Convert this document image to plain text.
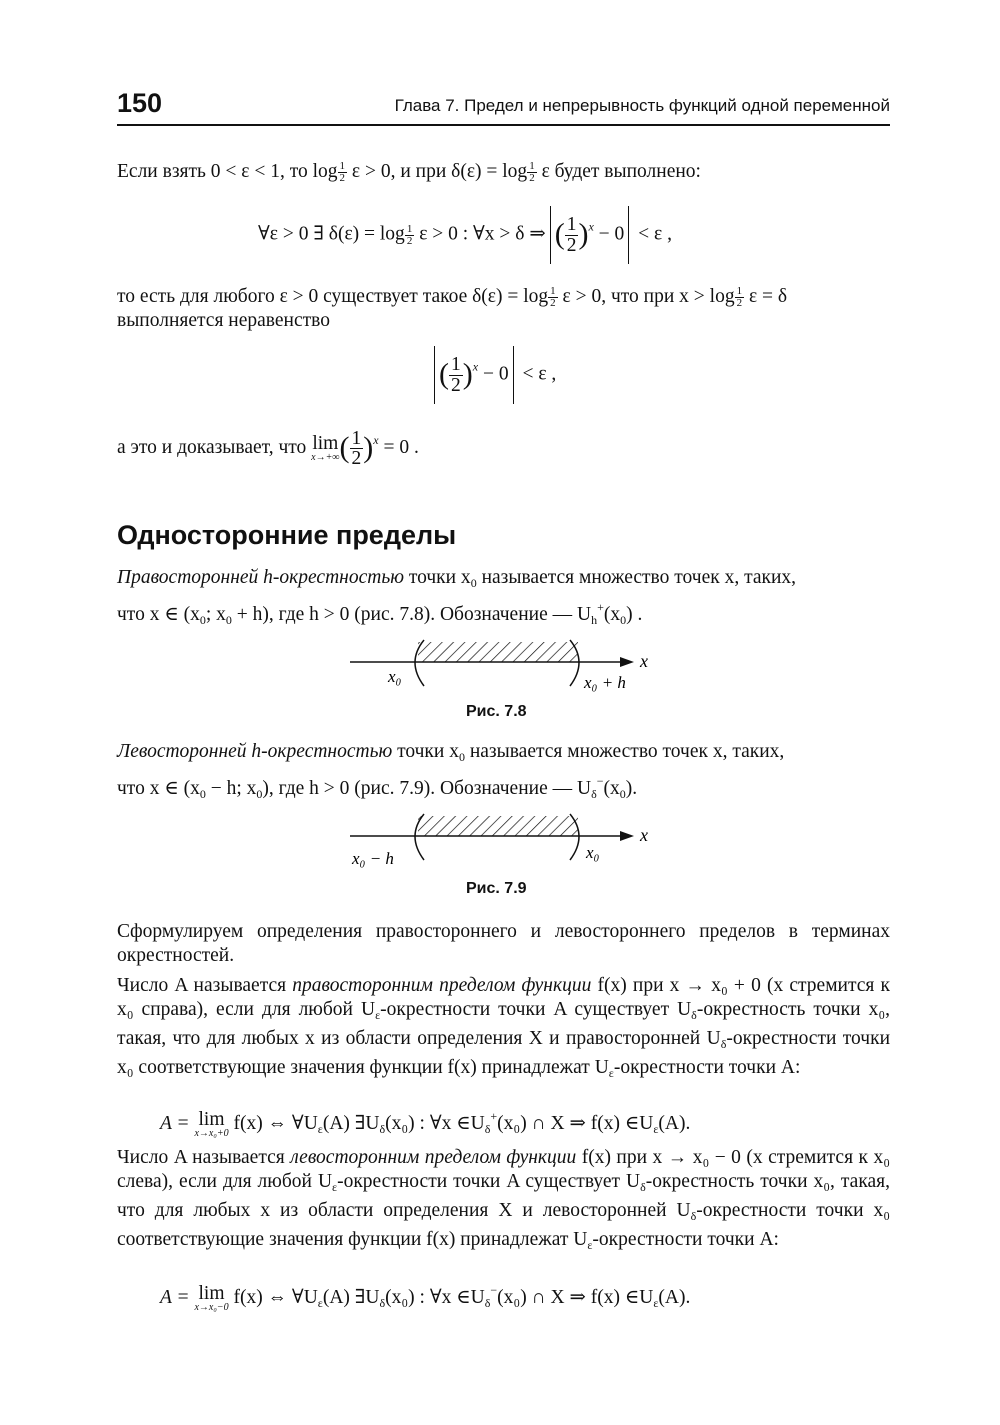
150	Глава 7. Предел и непрерывность функций одной переменной
Если взять 0 < ε < 1, то $\log \frac{1}{2}$ ε > 0, и при $\delta(\varepsilon) = \log \frac{1}{2}$ ε будет выполнено:
∀ε > 0 ∃ $\delta(\varepsilon) = \log \frac{1}{2}$ ε > 0 : ∀x > δ ⇒ ( $\frac{1}{2} )^x - 0 < \varepsilon$ ,
то есть для любого ε > 0 существует такое $\delta(\varepsilon) = \log \frac{1}{2}$ ε > 0, что при $x > \log \frac{1}{2}$ ε = δ
выполняется неравенство
( $\frac{1}{2} )^x - 0 < \varepsilon$ ,
а это и доказывает, что lim
x→+∞ ( $\frac{1}{2} )^x = 0$ .
Односторонние пределы
Правосторонней h-окрестностью точки $x_0$ называется множество точек x, таких,
что x ∈ ($x_0$; $x_0 + h$), где h > 0 (рис. 7.8). Обозначение — $U_h^+(x_0)$ .
x
x₀	x₀ + h
Рис. 7.8
Левосторонней h-окрестностью точки $x_0$ называется множество точек x, таких,
что x ∈ ($x_0 - h$; $x_0$), где h > 0 (рис. 7.9). Обозначение — $U_\delta^-(x_0)$.
x
x₀ − h	x₀
Рис. 7.9
Сформулируем определения правостороннего и левостороннего пределов в терминах окрестностей.
Число A называется правосторонним пределом функции f(x) при x → x₀ + 0 (x стремится к x₀ справа), если для любой $U_\varepsilon$-окрестности точки A существует $U_\delta$-окрестность точки x₀, такая, что для любых x из области определения X и правосторонней $U_\delta$-окрестности точки x₀ соответствующие значения функции f(x) принадлежат $U_\varepsilon$-окрестности точки A:
A = lim
x→x₀+0 f(x) ⇔ $\forall U_\varepsilon(A)$ $\exists U_\delta(x_0)$ : ∀x $\in U_\delta^+(x_0)$ ∩ X ⇒ f(x) $\in U_\varepsilon(A)$.
Число A называется левосторонним пределом функции f(x) при x → x₀ − 0 (x стремится к x₀ слева), если для любой $U_\varepsilon$-окрестности точки A существует $U_\delta$-окрестность точки x₀, такая, что для любых x из области определения X и левосторонней $U_\delta$-окрестности точки x₀ соответствующие значения функции f(x) принадлежат $U_\varepsilon$-окрестности точки A:
A = lim
x→x₀−0 f(x) ⇔ $\forall U_\varepsilon(A)$ $\exists U_\delta(x_0)$ : ∀x $\in U_\delta^-(x_0)$ ∩ X ⇒ f(x) $\in U_\varepsilon(A)$.
